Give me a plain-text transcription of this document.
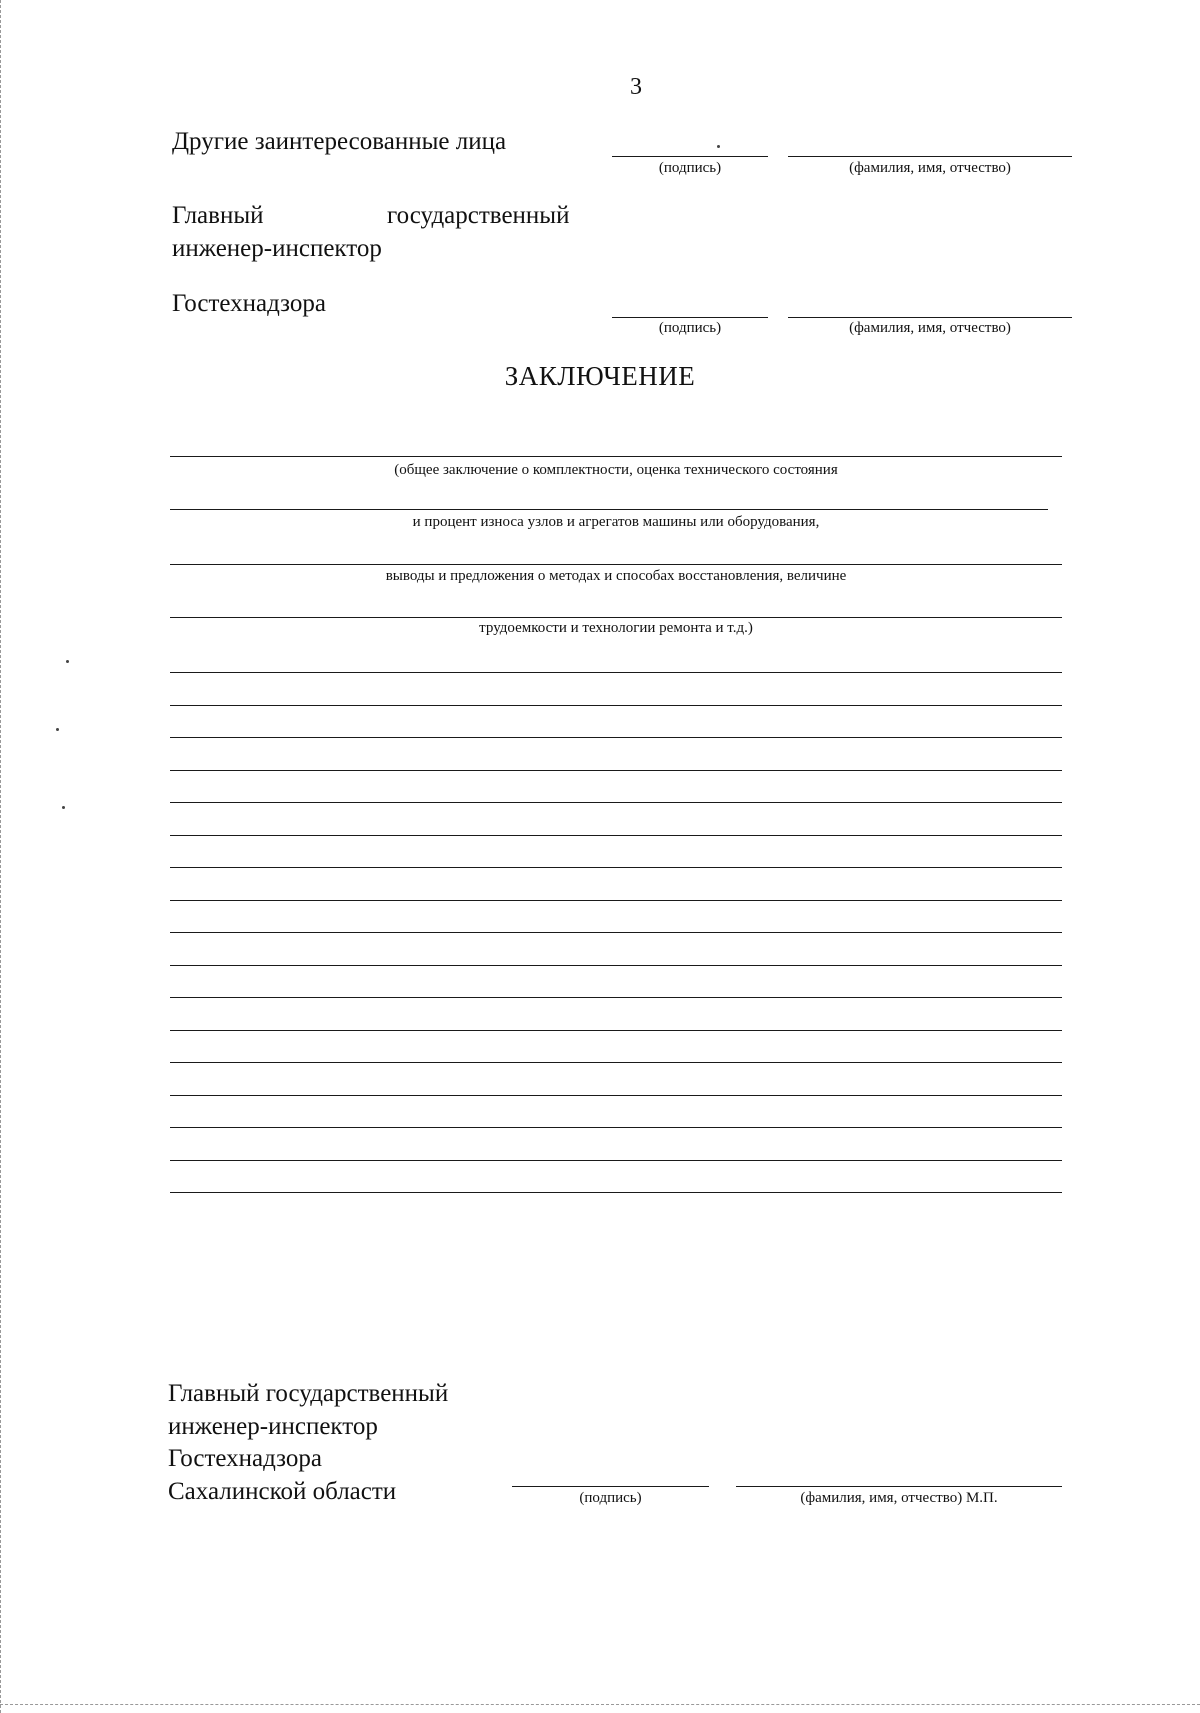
3
Другие заинтересованные лица
(подпись)	(фамилия, имя, отчество)
Главный	государственный
инженер-инспектор
Гостехнадзора
(подпись)	(фамилия, имя, отчество)
ЗАКЛЮЧЕНИЕ
(общее заключение о комплектности, оценка технического состояния
и процент износа узлов и агрегатов машины или оборудования,
выводы и предложения о методах и способах восстановления, величине
трудоемкости и технологии ремонта и т.д.)
Главный государственный
инженер-инспектор
Гостехнадзора
Сахалинской области	(подпись)	(фамилия, имя, отчество) М.П.
